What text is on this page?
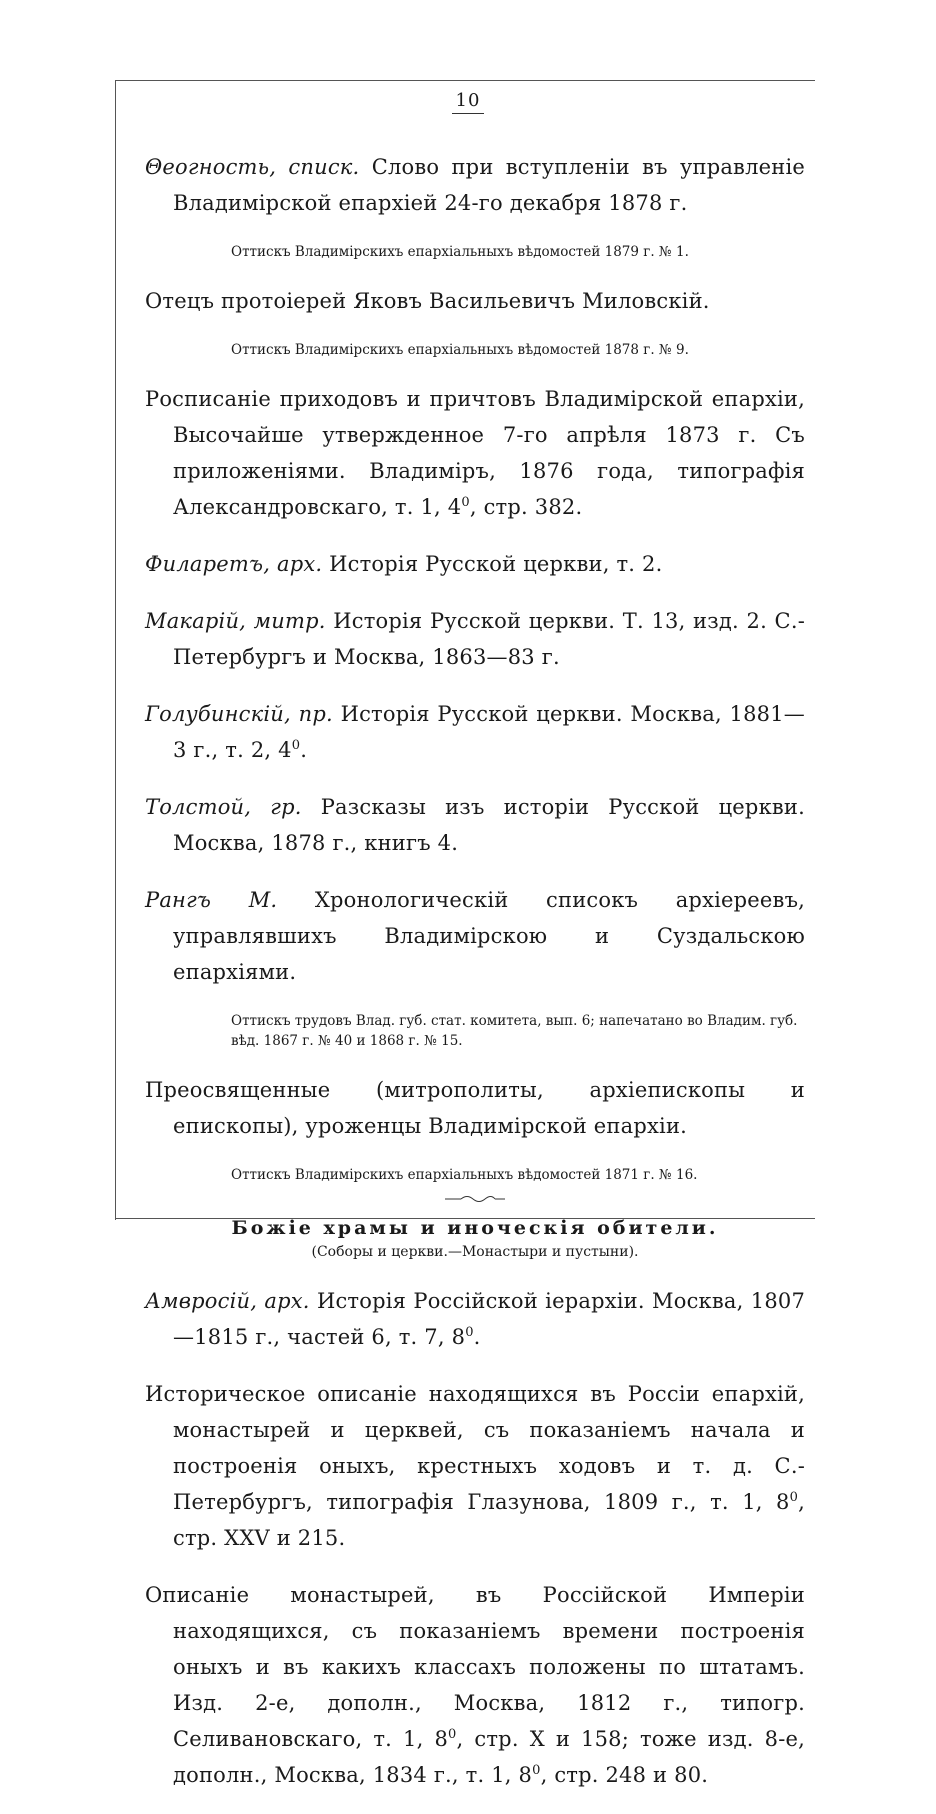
10

Θеогность, списк. Слово при вступленiи въ управленiе Владимiрской епархiей 24-го декабря 1878 г.

Оттискъ Владимiрскихъ епархiальныхъ вѣдомостей 1879 г. № 1.

Отецъ протоiерей Яковъ Васильевичъ Миловскiй.

Оттискъ Владимiрскихъ епархiальныхъ вѣдомостей 1878 г. № 9.

Росписанiе приходовъ и причтовъ Владимiрской епархiи, Высочайше утвержденное 7-го апрѣля 1873 г. Съ приложенiями. Владимiръ, 1876 года, типографiя Александровскаго, т. 1, $4^0$, стр. 382.

Филаретъ, арх. Исторiя Русской церкви, т. 2.

Макарiй, митр. Исторiя Русской церкви. Т. 13, изд. 2. С.-Петербургъ и Москва, 1863—83 г.

Голубинскiй, пр. Исторiя Русской церкви. Москва, 1881—3 г., т. 2, $4^0$.

Толстой, гр. Разсказы изъ исторiи Русской церкви. Москва, 1878 г., книгъ 4.

Рангъ М. Хронологическiй списокъ архiереевъ, управлявшихъ Владимiрскою и Суздальскою епархiями.

Оттискъ трудовъ Влад. губ. стат. комитета, вып. 6; напечатано во Владим. губ. вѣд. 1867 г. № 40 и 1868 г. № 15.

Преосвященные (митрополиты, архiепископы и епископы), уроженцы Владимiрской епархiи.

Оттискъ Владимiрскихъ епархiальныхъ вѣдомостей 1871 г. № 16.

Божiе храмы и иноческiя обители.
(Соборы и церкви.—Монастыри и пустыни).

Амвросiй, арх. Исторiя Россiйской iерархiи. Москва, 1807—1815 г., частей 6, т. 7, $8^0$.

Историческое описанiе находящихся въ Россiи епархiй, монастырей и церквей, съ показанiемъ начала и построенiя оныхъ, крестныхъ ходовъ и т. д. С.-Петербургъ, типографiя Глазунова, 1809 г., т. 1, $8^0$, стр. XXV и 215.

Описанiе монастырей, въ Россiйской Имперiи находящихся, съ показанiемъ времени построенiя оныхъ и въ какихъ классахъ положены по штатамъ. Изд. 2-е, дополн., Москва, 1812 г., типогр. Селивановскаго, т. 1, $8^0$, стр. X и 158; тоже изд. 8-е, дополн., Москва, 1834 г., т. 1, $8^0$, стр. 248 и 80.
